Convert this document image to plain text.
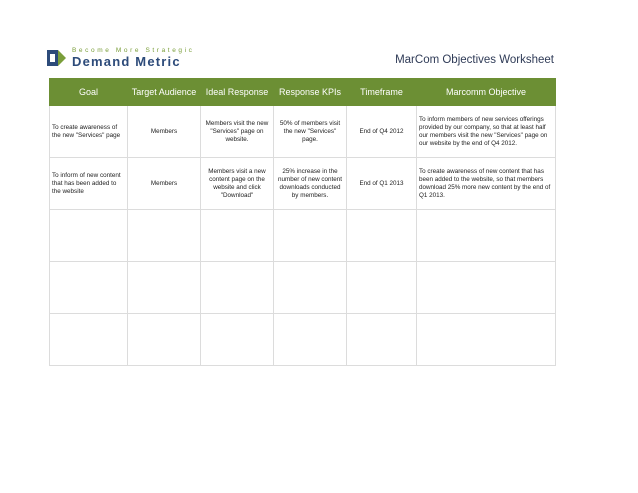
Become More Strategic
Demand Metric	MarCom Objectives Worksheet
Goal	Target Audience	Ideal Response	Response KPIs	Timeframe	Marcomm Objective
To create awareness of the new "Services" page	Members	Members visit the new "Services" page on website.	50% of members visit the new "Services" page.	End of Q4 2012	To inform members of new services offerings provided by our company, so that at least half our members visit the new "Services" page on our website by the end of Q4 2012.
To inform of new content that has been added to the website	Members	Members visit a new content page on the website and click "Download"	25% increase in the number of new content downloads conducted by members.	End of Q1 2013	To create awareness of new content that has been added to the website, so that members download 25% more new content by the end of Q1 2013.
